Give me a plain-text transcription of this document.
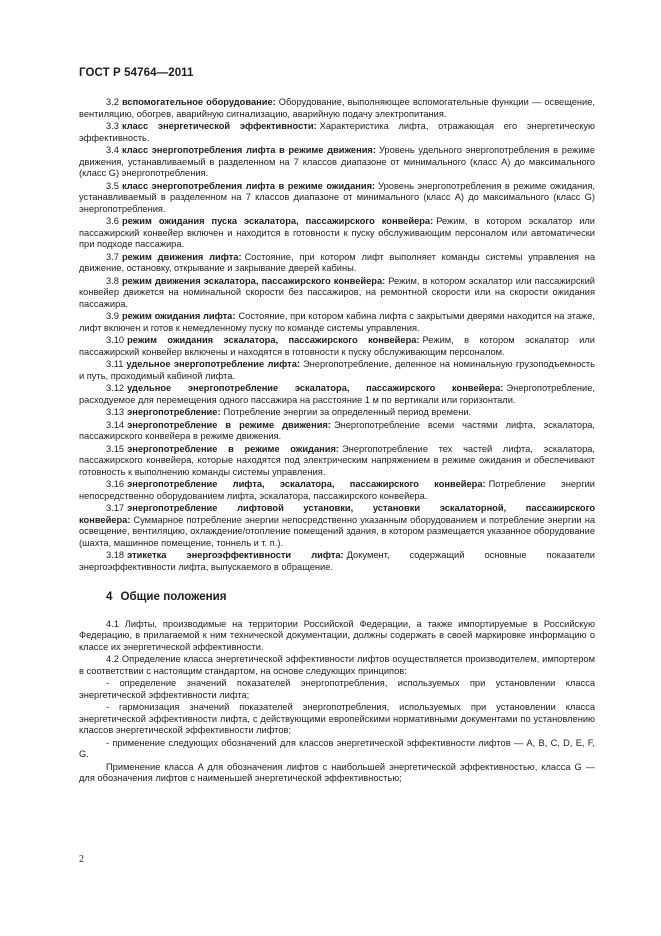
ГОСТ Р 54764—2011
3.2 вспомогательное оборудование: Оборудование, выполняющее вспомогательные функции — освещение, вентиляцию, обогрев, аварийную сигнализацию, аварийную подачу электропитания.
3.3 класс энергетической эффективности: Характеристика лифта, отражающая его энергетическую эффективность.
3.4 класс энергопотребления лифта в режиме движения: Уровень удельного энергопотребления в режиме движения, устанавливаемый в разделенном на 7 классов диапазоне от минимального (класс A) до максимального (класс G) энергопотребления.
3.5 класс энергопотребления лифта в режиме ожидания: Уровень энергопотребления в режиме ожидания, устанавливаемый в разделенном на 7 классов диапазоне от минимального (класс A) до максимального (класс G) энергопотребления.
3.6 режим ожидания пуска эскалатора, пассажирского конвейера: Режим, в котором эскалатор или пассажирский конвейер включен и находится в готовности к пуску обслуживающим персоналом или автоматически при подходе пассажира.
3.7 режим движения лифта: Состояние, при котором лифт выполняет команды системы управления на движение, остановку, открывание и закрывание дверей кабины.
3.8 режим движения эскалатора, пассажирского конвейера: Режим, в котором эскалатор или пассажирский конвейер движется на номинальной скорости без пассажиров, на ремонтной скорости или на скорости ожидания пассажира.
3.9 режим ожидания лифта: Состояние, при котором кабина лифта с закрытыми дверями находится на этаже, лифт включен и готов к немедленному пуску по команде системы управления.
3.10 режим ожидания эскалатора, пассажирского конвейера: Режим, в котором эскалатор или пассажирский конвейер включены и находятся в готовности к пуску обслуживающим персоналом.
3.11 удельное энергопотребление лифта: Энергопотребление, деленное на номинальную грузоподъемность и путь, проходимый кабиной лифта.
3.12 удельное энергопотребление эскалатора, пассажирского конвейера: Энергопотребление, расходуемое для перемещения одного пассажира на расстояние 1 м по вертикали или горизонтали.
3.13 энергопотребление: Потребление энергии за определенный период времени.
3.14 энергопотребление в режиме движения: Энергопотребление всеми частями лифта, эскалатора, пассажирского конвейера в режиме движения.
3.15 энергопотребление в режиме ожидания: Энергопотребление тех частей лифта, эскалатора, пассажирского конвейера, которые находятся под электрическим напряжением в режиме ожидания и обеспечивают готовность к выполнению команды системы управления.
3.16 энергопотребление лифта, эскалатора, пассажирского конвейера: Потребление энергии непосредственно оборудованием лифта, эскалатора, пассажирского конвейера.
3.17 энергопотребление лифтовой установки, установки эскалаторной, пассажирского конвейера: Суммарное потребление энергии непосредственно указанным оборудованием и потребление энергии на освещение, вентиляцию, охлаждение/отопление помещений здания, в котором размещается указанное оборудование (шахта, машинное помещение, тоннель и т. п.).
3.18 этикетка энергоэффективности лифта: Документ, содержащий основные показатели энергоэффективности лифта, выпускаемого в обращение.
4 Общие положения
4.1 Лифты, производимые на территории Российской Федерации, а также импортируемые в Российскую Федерацию, в прилагаемой к ним технической документации, должны содержать в своей маркировке информацию о классе их энергетической эффективности.
4.2 Определение класса энергетической эффективности лифтов осуществляется производителем, импортером в соответствии с настоящим стандартом, на основе следующих принципов:
- определение значений показателей энергопотребления, используемых при установлении класса энергетической эффективности лифта;
- гармонизация значений показателей энергопотребления, используемых при установлении класса энергетической эффективности лифта, с действующими европейскими нормативными документами по установлению классов энергетической эффективности лифтов;
- применение следующих обозначений для классов энергетической эффективности лифтов — A, B, C, D, E, F, G.
Применение класса A для обозначения лифтов с наибольшей энергетической эффективностью, класса G — для обозначения лифтов с наименьшей энергетической эффективностью;
2
